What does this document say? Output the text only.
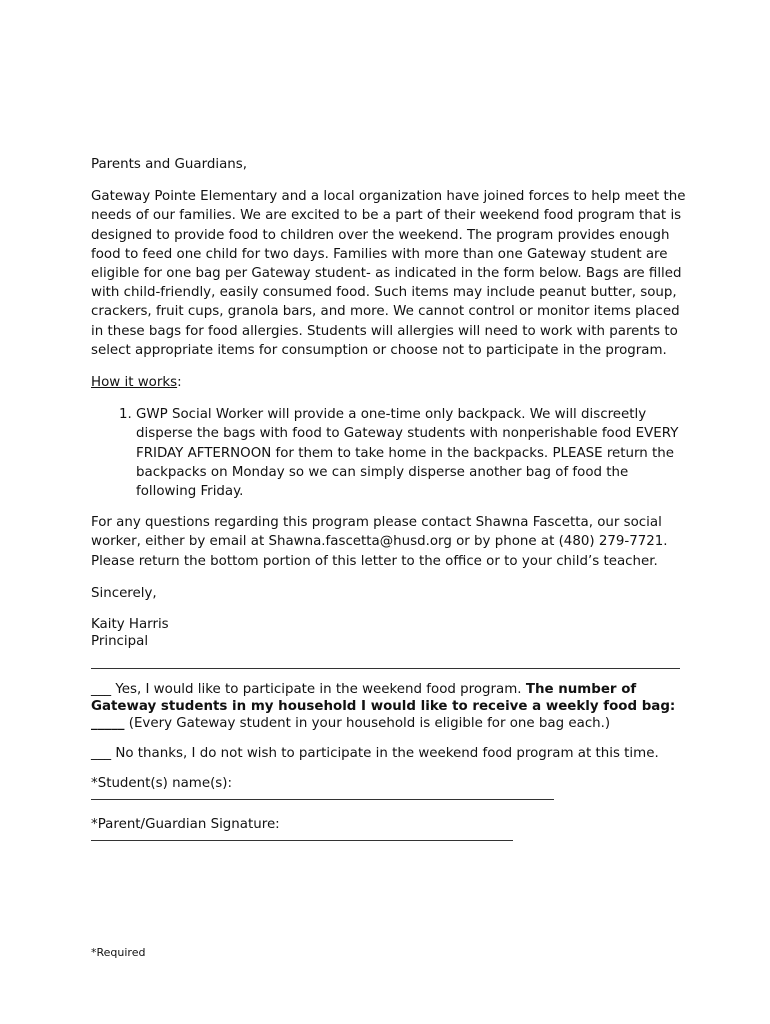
Parents and Guardians,

Gateway Pointe Elementary and a local organization have joined forces to help meet the needs of our families. We are excited to be a part of their weekend food program that is designed to provide food to children over the weekend. The program provides enough food to feed one child for two days. Families with more than one Gateway student are eligible for one bag per Gateway student- as indicated in the form below. Bags are filled with child-friendly, easily consumed food. Such items may include peanut butter, soup, crackers, fruit cups, granola bars, and more. We cannot control or monitor items placed in these bags for food allergies. Students will allergies will need to work with parents to select appropriate items for consumption or choose not to participate in the program.

How it works:

1. GWP Social Worker will provide a one-time only backpack. We will discreetly disperse the bags with food to Gateway students with nonperishable food EVERY FRIDAY AFTERNOON for them to take home in the backpacks. PLEASE return the backpacks on Monday so we can simply disperse another bag of food the following Friday.

For any questions regarding this program please contact Shawna Fascetta, our social worker, either by email at Shawna.fascetta@husd.org or by phone at (480) 279-7721. Please return the bottom portion of this letter to the office or to your child’s teacher.

Sincerely,

Kaity Harris

Principal

___ Yes, I would like to participate in the weekend food program. The number of Gateway students in my household I would like to receive a weekly food bag: _____ (Every Gateway student in your household is eligible for one bag each.)

___ No thanks, I do not wish to participate in the weekend food program at this time.

*Student(s) name(s):

*Parent/Guardian Signature:

*Required
